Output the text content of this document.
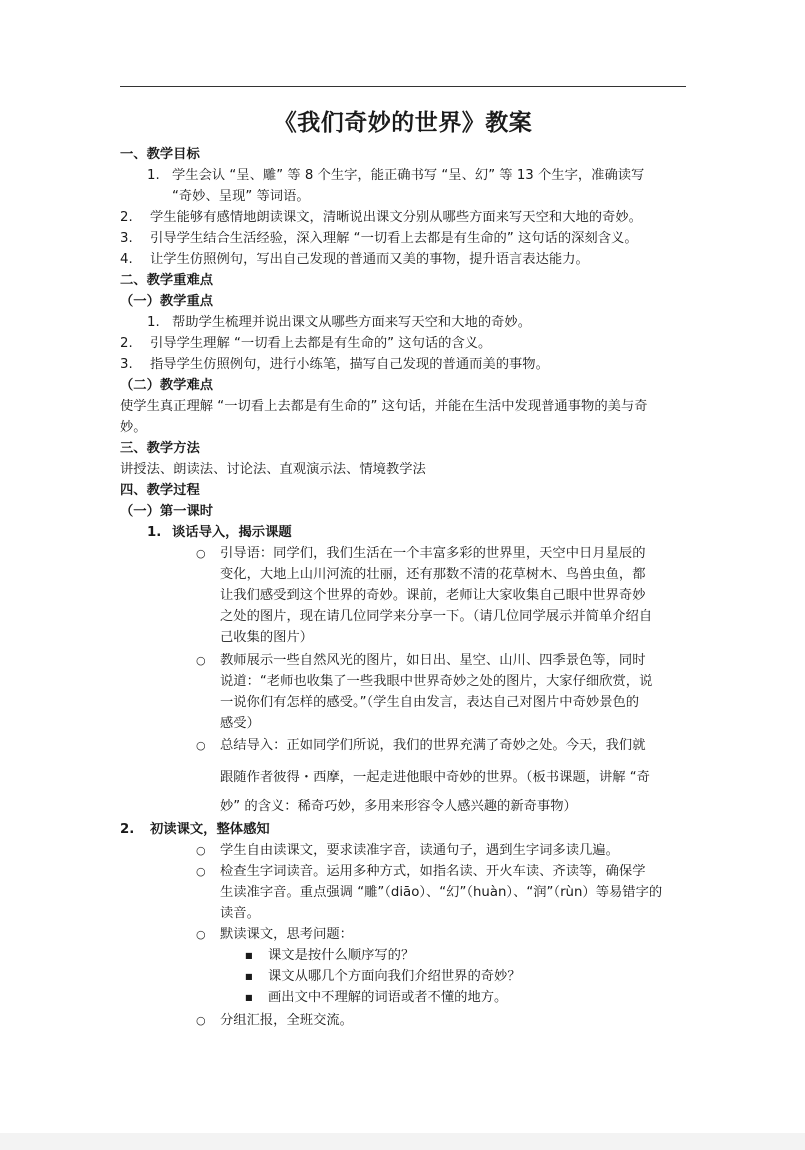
《我们奇妙的世界》教案
一、教学目标
1. 学生会认 “呈、雕” 等 8 个生字，能正确书写 “呈、幻” 等 13 个生字，准确读写
“奇妙、呈现” 等词语。
2. 学生能够有感情地朗读课文，清晰说出课文分别从哪些方面来写天空和大地的奇妙。
3. 引导学生结合生活经验，深入理解 “一切看上去都是有生命的” 这句话的深刻含义。
4. 让学生仿照例句，写出自己发现的普通而又美的事物，提升语言表达能力。
二、教学重难点
（一）教学重点
1. 帮助学生梳理并说出课文从哪些方面来写天空和大地的奇妙。
2. 引导学生理解 “一切看上去都是有生命的” 这句话的含义。
3. 指导学生仿照例句，进行小练笔，描写自己发现的普通而美的事物。
（二）教学难点
使学生真正理解 “一切看上去都是有生命的” 这句话，并能在生活中发现普通事物的美与奇
妙。
三、教学方法
讲授法、朗读法、讨论法、直观演示法、情境教学法
四、教学过程
（一）第一课时
1. 谈话导入，揭示课题
○ 引导语：同学们，我们生活在一个丰富多彩的世界里，天空中日月星辰的
变化，大地上山川河流的壮丽，还有那数不清的花草树木、鸟兽虫鱼，都
让我们感受到这个世界的奇妙。课前，老师让大家收集自己眼中世界奇妙
之处的图片，现在请几位同学来分享一下。（请几位同学展示并简单介绍自
己收集的图片）
○ 教师展示一些自然风光的图片，如日出、星空、山川、四季景色等，同时
说道：“老师也收集了一些我眼中世界奇妙之处的图片，大家仔细欣赏，说
一说你们有怎样的感受。”（学生自由发言，表达自己对图片中奇妙景色的
感受）
○ 总结导入：正如同学们所说，我们的世界充满了奇妙之处。今天，我们就
跟随作者彼得・西摩，一起走进他眼中奇妙的世界。（板书课题，讲解 “奇
妙” 的含义：稀奇巧妙，多用来形容令人感兴趣的新奇事物）
2. 初读课文，整体感知
○ 学生自由读课文，要求读准字音，读通句子，遇到生字词多读几遍。
○ 检查生字词读音。运用多种方式，如指名读、开火车读、齐读等，确保学
生读准字音。重点强调 “雕”（diāo）、“幻”（huàn）、“润”（rùn）等易错字的
读音。
○ 默读课文，思考问题：
■ 课文是按什么顺序写的？
■ 课文从哪几个方面向我们介绍世界的奇妙？
■ 画出文中不理解的词语或者不懂的地方。
○ 分组汇报，全班交流。
